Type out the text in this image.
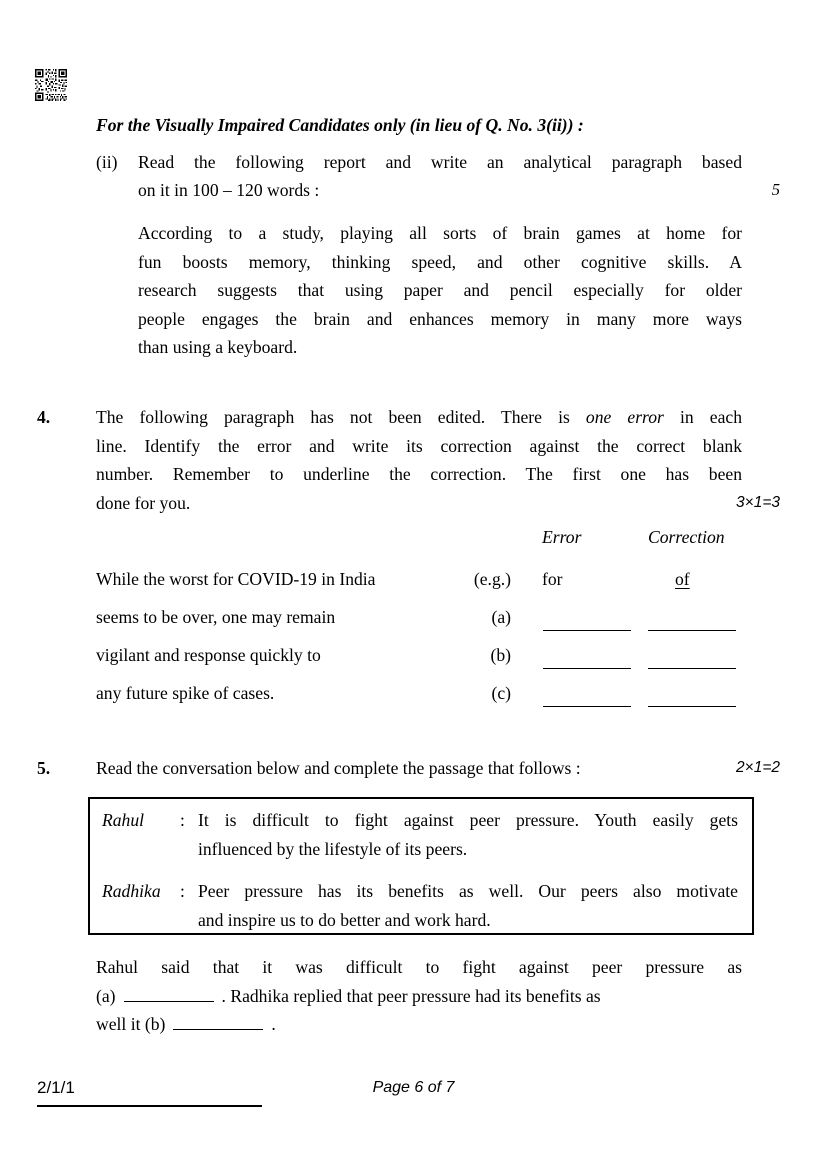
For the Visually Impaired Candidates only (in lieu of Q. No. 3(ii)) :
(ii) Read the following report and write an analytical paragraph based
on it in 100 – 120 words :	5
According to a study, playing all sorts of brain games at home for
fun boosts memory, thinking speed, and other cognitive skills. A
research suggests that using paper and pencil especially for older
people engages the brain and enhances memory in many more ways
than using a keyboard.
4.	The following paragraph has not been edited. There is one error in each
line. Identify the error and write its correction against the correct blank
number. Remember to underline the correction. The first one has been
done for you.	3×1=3
Error	Correction
While the worst for COVID-19 in India	(e.g.) for	of
seems to be over, one may remain	(a)
vigilant and response quickly to	(b)
any future spike of cases.	(c)
5.	Read the conversation below and complete the passage that follows :	2×1=2
Rahul : It is difficult to fight against peer pressure. Youth easily gets
influenced by the lifestyle of its peers.
Radhika : Peer pressure has its benefits as well. Our peers also motivate
and inspire us to do better and work hard.
Rahul said that it was difficult to fight against peer pressure as
(a)	. Radhika replied that peer pressure had its benefits as
well it (b)	.
2/1/1	Page 6 of 7
